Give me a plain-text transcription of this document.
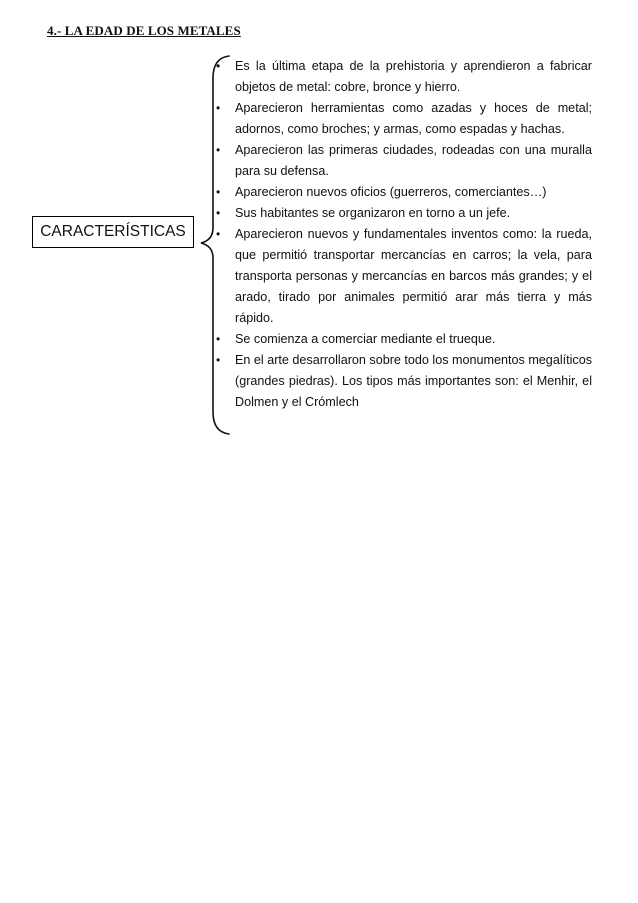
4.- LA EDAD DE LOS METALES
CARACTERÍSTICAS
•	Es la última etapa de la prehistoria y aprendieron a fabricar objetos de metal: cobre, bronce y hierro.
•	Aparecieron herramientas como azadas y hoces de metal; adornos, como broches; y armas, como espadas y hachas.
•	Aparecieron las primeras ciudades, rodeadas con una muralla para su defensa.
•	Aparecieron nuevos oficios (guerreros, comerciantes…)
•	Sus habitantes se organizaron en torno a un jefe.
•	Aparecieron nuevos y fundamentales inventos como: la rueda, que permitió transportar mercancías en carros; la vela, para transporta personas y mercancías en barcos más grandes; y el arado, tirado por animales permitió arar más tierra y más rápido.
•	Se comienza a comerciar mediante el trueque.
•	En el arte desarrollaron sobre todo los monumentos megalíticos (grandes piedras). Los tipos más importantes son: el Menhir, el Dolmen y el Crómlech
